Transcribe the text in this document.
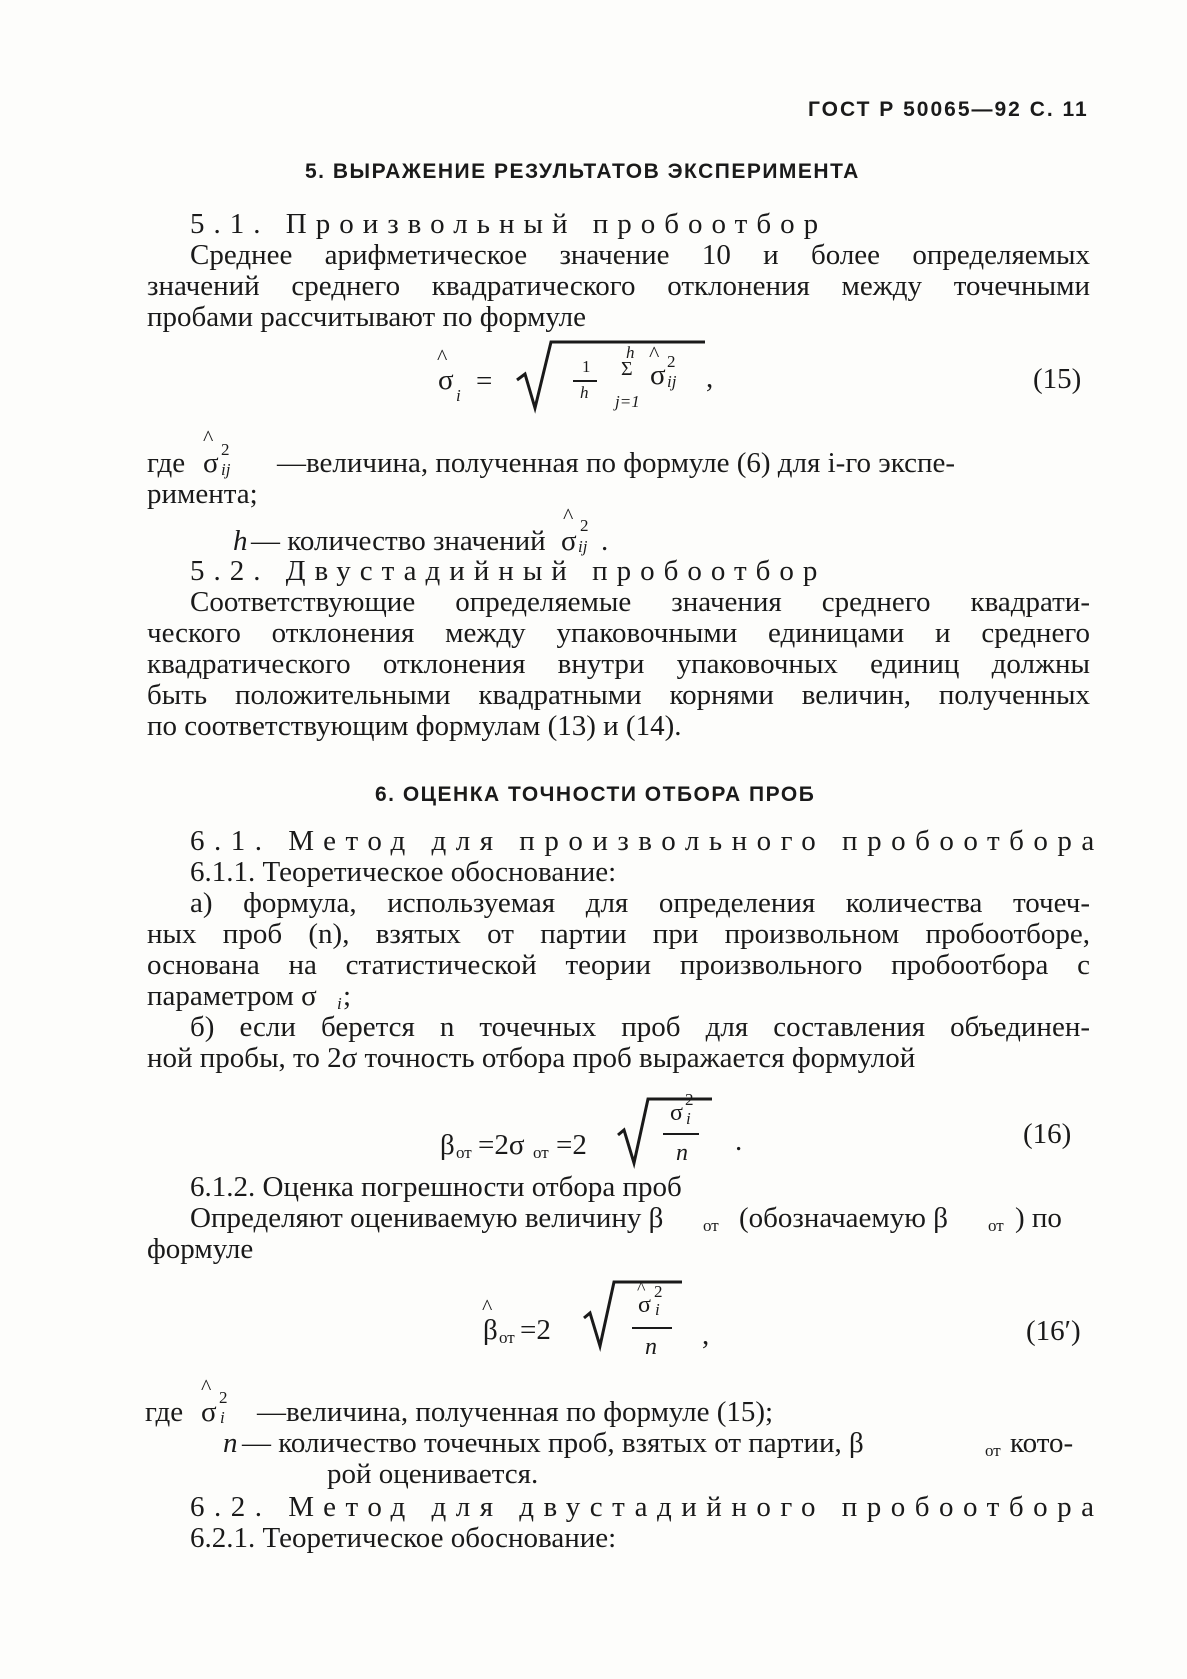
ГОСТ Р 50065—92 С. 11
5. ВЫРАЖЕНИЕ РЕЗУЛЬТАТОВ ЭКСПЕРИМЕНТА
5.1. Произвольный пробоотбор
Среднее арифметическое значение 10 и более определяемых
значений среднего квадратического отклонения между точечными
пробами рассчитывают по формуле
^
σ i =	1
h
h
Σ
j=1
^
σ 2
ij ,	(15)
где
^
σ 2
ij —величина, полученная по формуле (6) для i-го экспе-
римента;
h — количество значений
^
σ 2
ij .
5.2. Двустадийный пробоотбор
Соответствующие определяемые значения среднего квадрати-
ческого отклонения между упаковочными единицами и среднего
квадратического отклонения внутри упаковочных единиц должны
быть положительными квадратными корнями величин, полученных
по соответствующим формулам (13) и (14).
6. ОЦЕНКА ТОЧНОСТИ ОТБОРА ПРОБ
6.1. Метод для произвольного пробоотбора
6.1.1. Теоретическое обоснование:
а) формула, используемая для определения количества точеч-
ных проб (n), взятых от партии при произвольном пробоотборе,
основана на статистической теории произвольного пробоотбора с
параметром σ i ;
б) если берется n точечных проб для составления объединен-
ной пробы, то 2σ точность отбора проб выражается формулой
β от =2σ от =2
σ
2
i
n .	(16)
6.1.2. Оценка погрешности отбора проб
Определяют оцениваемую величину β от (обозначаемую β от ) по
формуле
^
β от =2
^
σ
2
i
n ,	(16′)
где
^
σ 2
i —величина, полученная по формуле (15);
n — количество точечных проб, взятых от партии, β	от кото-
рой оценивается.
6.2. Метод для двустадийного пробоотбора
6.2.1. Теоретическое обоснование:
